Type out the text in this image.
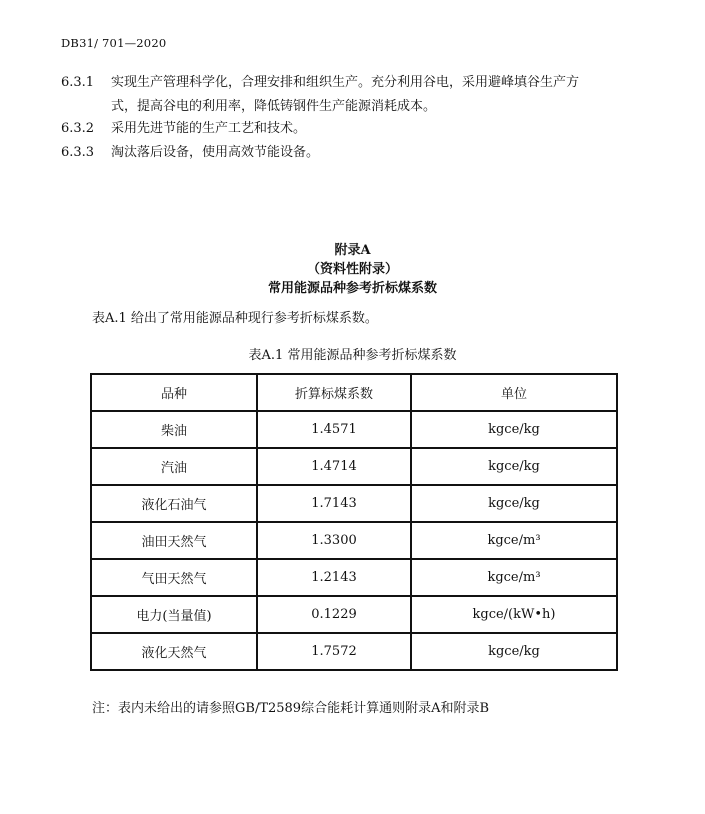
DB31/ 701—2020
6.3.1 实现生产管理科学化，合理安排和组织生产。充分利用谷电，采用避峰填谷生产方
式，提高谷电的利用率，降低铸钢件生产能源消耗成本。
6.3.2 采用先进节能的生产工艺和技术。
6.3.3 淘汰落后设备，使用高效节能设备。
附录A
（资料性附录）
常用能源品种参考折标煤系数
表A.1 给出了常用能源品种现行参考折标煤系数。
表A.1 常用能源品种参考折标煤系数
品种	折算标煤系数	单位
柴油	1.4571	kgce/kg
汽油	1.4714	kgce/kg
液化石油气	1.7143	kgce/kg
油田天然气	1.3300	kgce/m³
气田天然气	1.2143	kgce/m³
电力(当量值)	0.1229	kgce/(kW•h)
液化天然气	1.7572	kgce/kg
注：表内未给出的请参照GB/T2589综合能耗计算通则附录A和附录B
